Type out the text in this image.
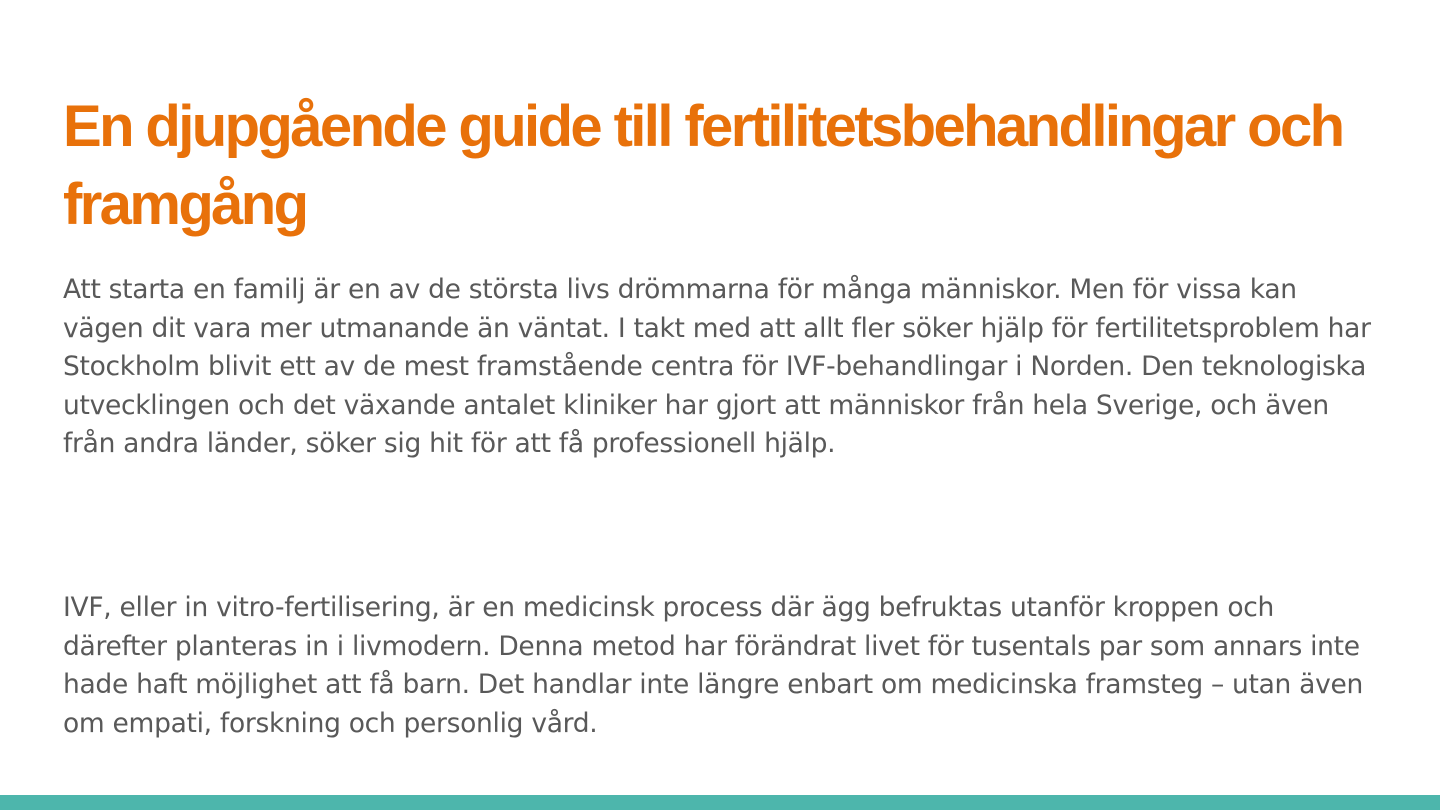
En djupgående guide till fertilitetsbehandlingar och framgång

Att starta en familj är en av de största livs drömmarna för många människor. Men för vissa kan vägen dit vara mer utmanande än väntat. I takt med att allt fler söker hjälp för fertilitetsproblem har Stockholm blivit ett av de mest framstående centra för IVF-behandlingar i Norden. Den teknologiska utvecklingen och det växande antalet kliniker har gjort att människor från hela Sverige, och även från andra länder, söker sig hit för att få professionell hjälp.

IVF, eller in vitro-fertilisering, är en medicinsk process där ägg befruktas utanför kroppen och därefter planteras in i livmodern. Denna metod har förändrat livet för tusentals par som annars inte hade haft möjlighet att få barn. Det handlar inte längre enbart om medicinska framsteg – utan även om empati, forskning och personlig vård.
